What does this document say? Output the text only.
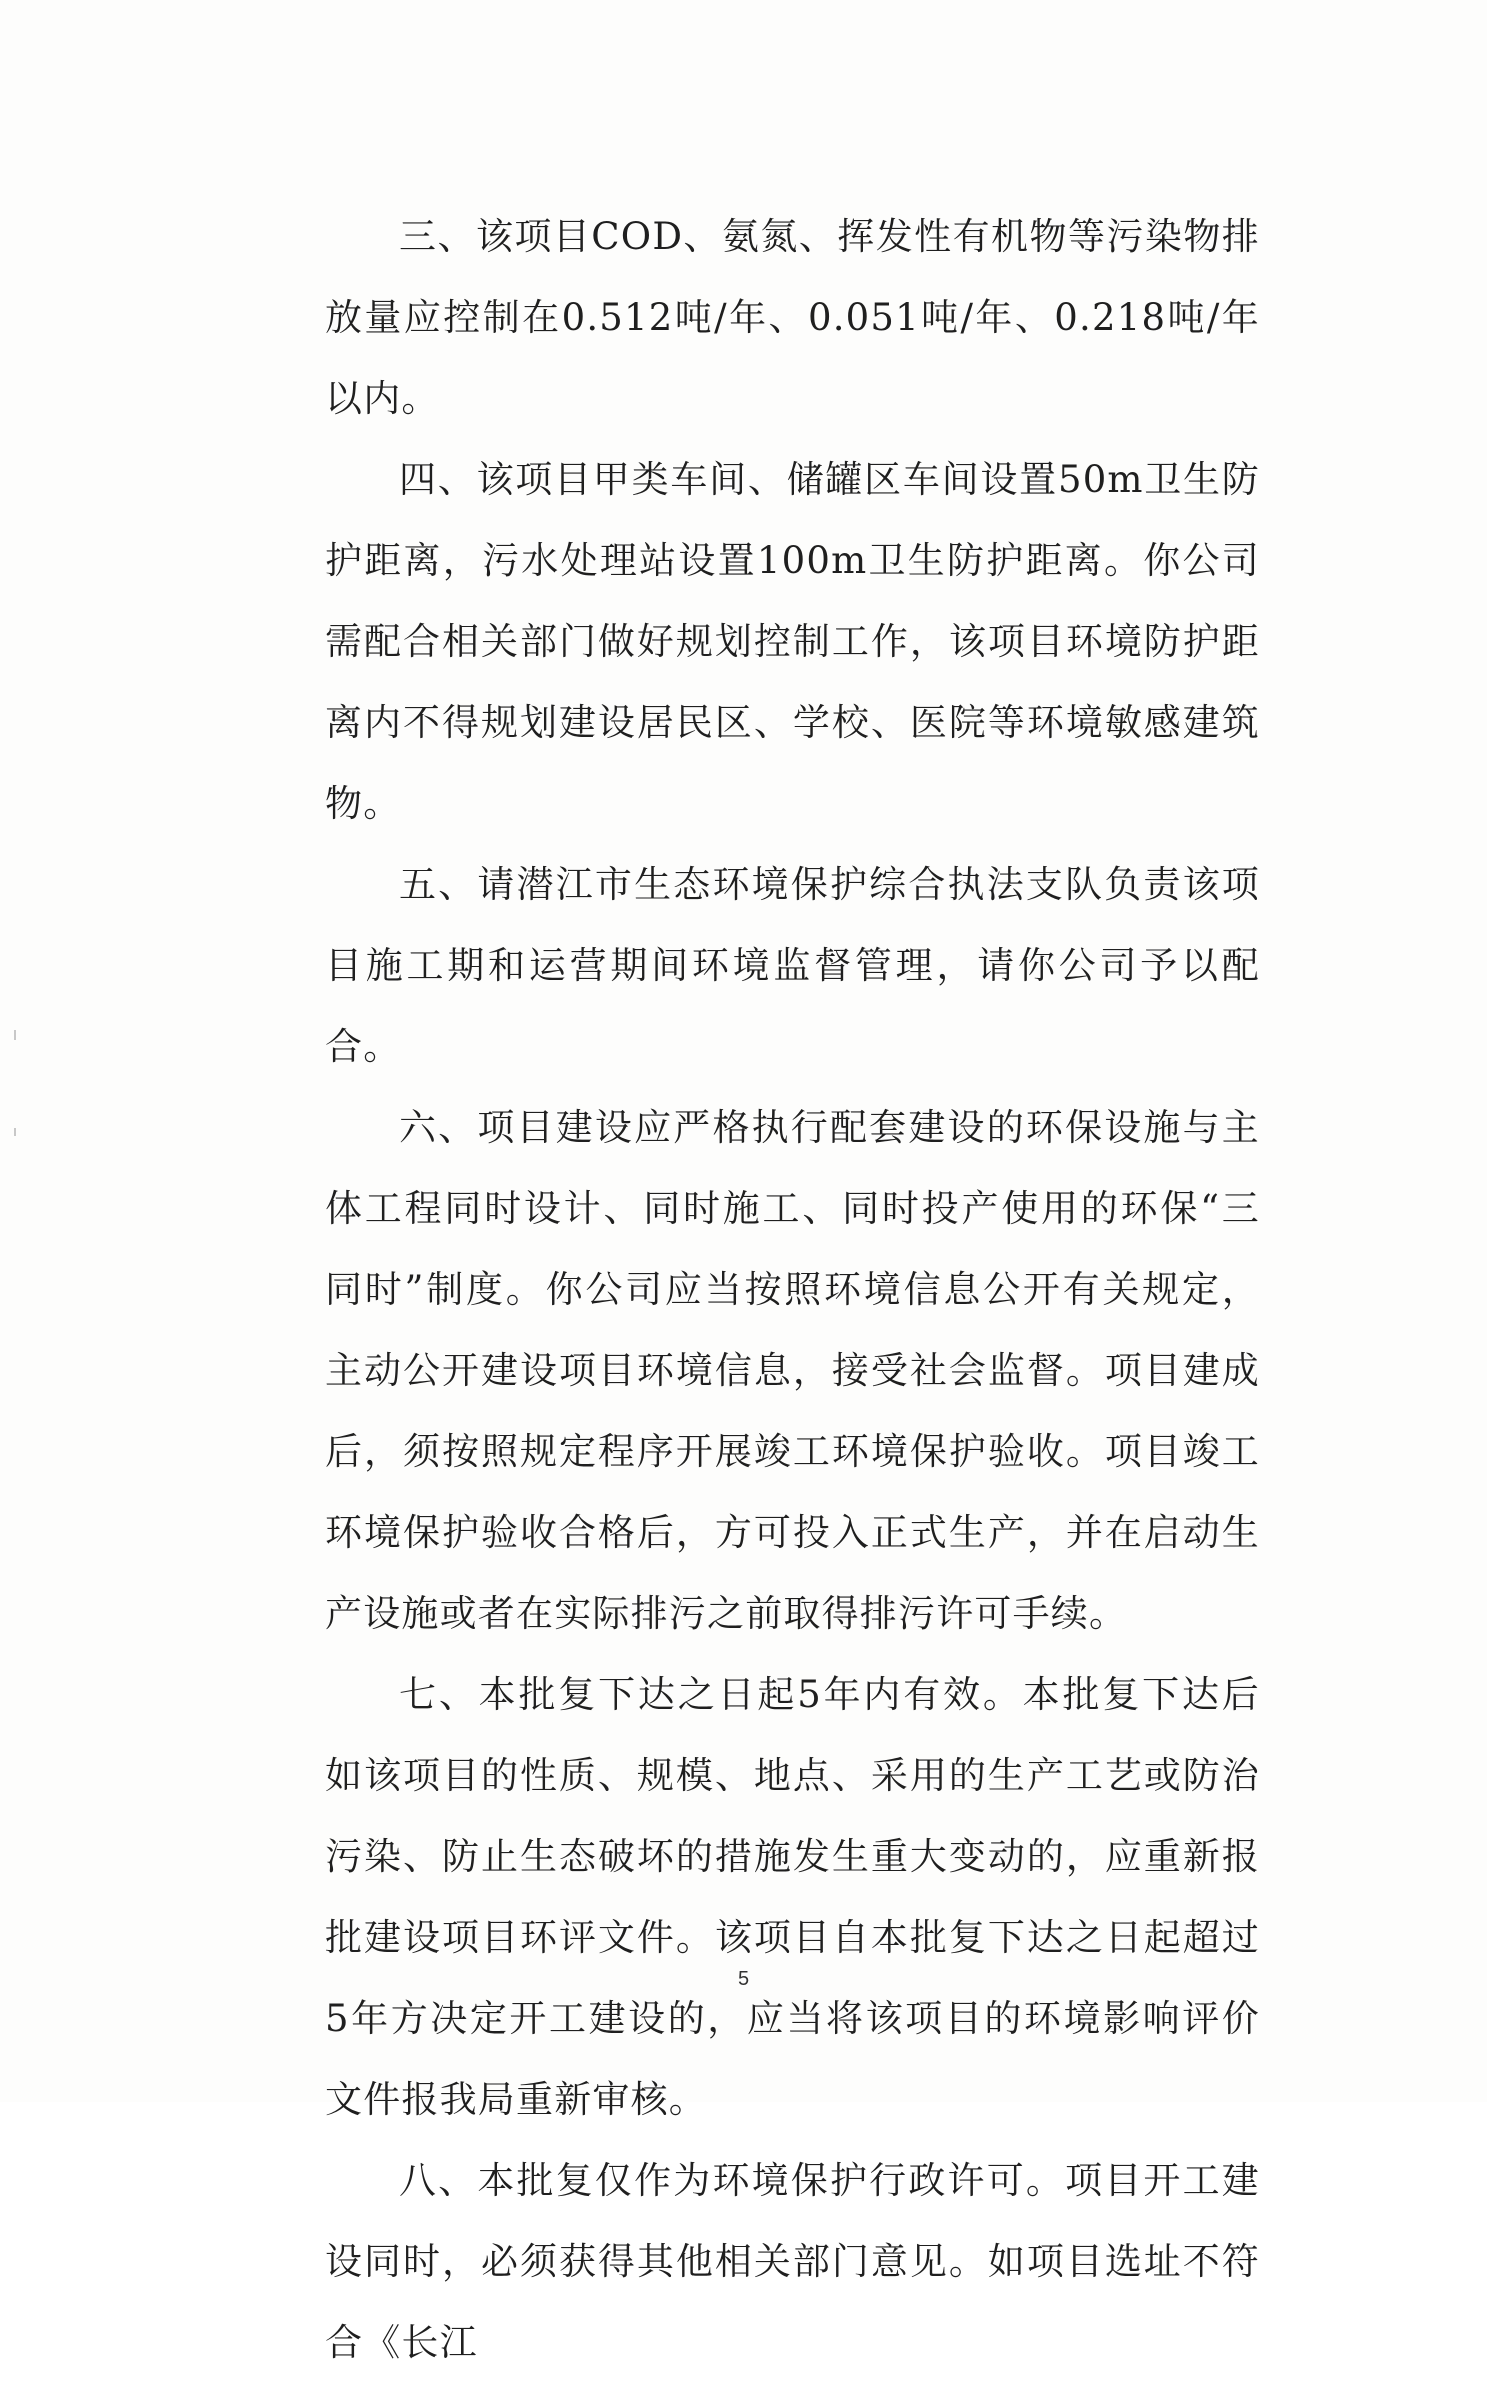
三、该项目COD、氨氮、挥发性有机物等污染物排放量应控制在0.512吨/年、0.051吨/年、0.218吨/年以内。

四、该项目甲类车间、储罐区车间设置50m卫生防护距离，污水处理站设置100m卫生防护距离。你公司需配合相关部门做好规划控制工作，该项目环境防护距离内不得规划建设居民区、学校、医院等环境敏感建筑物。

五、请潜江市生态环境保护综合执法支队负责该项目施工期和运营期间环境监督管理，请你公司予以配合。

六、项目建设应严格执行配套建设的环保设施与主体工程同时设计、同时施工、同时投产使用的环保“三同时”制度。你公司应当按照环境信息公开有关规定，主动公开建设项目环境信息，接受社会监督。项目建成后，须按照规定程序开展竣工环境保护验收。项目竣工环境保护验收合格后，方可投入正式生产，并在启动生产设施或者在实际排污之前取得排污许可手续。

七、本批复下达之日起5年内有效。本批复下达后如该项目的性质、规模、地点、采用的生产工艺或防治污染、防止生态破坏的措施发生重大变动的，应重新报批建设项目环评文件。该项目自本批复下达之日起超过5年方决定开工建设的，应当将该项目的环境影响评价文件报我局重新审核。

八、本批复仅作为环境保护行政许可。项目开工建设同时，必须获得其他相关部门意见。如项目选址不符合《长江

5
